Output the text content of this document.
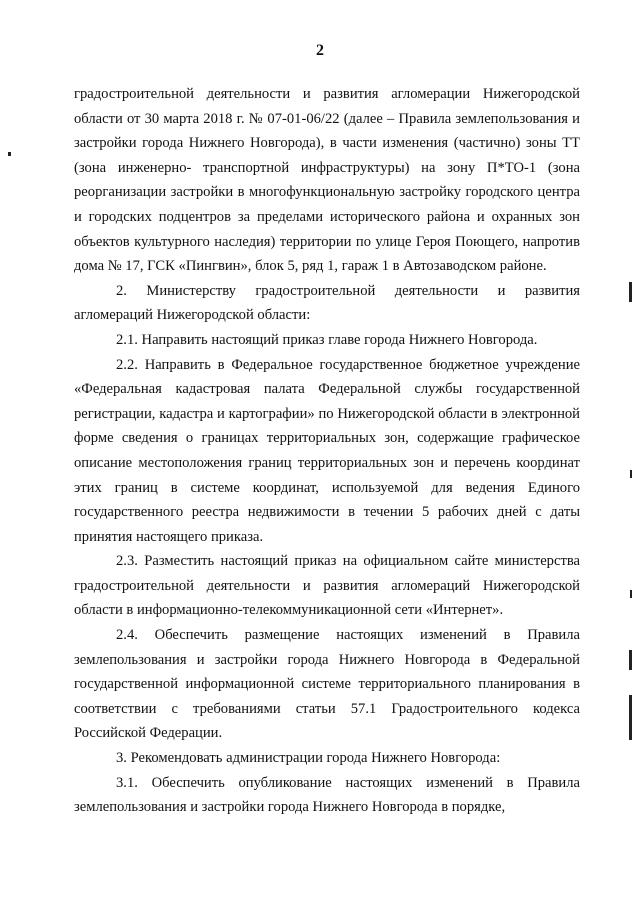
2

градостроительной деятельности и развития агломерации Нижегородской области от 30 марта 2018 г. № 07-01-06/22 (далее – Правила землепользования и застройки города Нижнего Новгорода), в части изменения (частично) зоны ТТ (зона инженерно- транспортной инфраструктуры) на зону П*ТО-1 (зона реорганизации застройки в многофункциональную застройку городского центра и городских подцентров за пределами исторического района и охранных зон объектов культурного наследия) территории по улице Героя Поющего, напротив дома № 17, ГСК «Пингвин», блок 5, ряд 1, гараж 1 в Автозаводском районе.

2. Министерству градостроительной деятельности и развития агломераций Нижегородской области:

2.1. Направить настоящий приказ главе города Нижнего Новгорода.

2.2. Направить в Федеральное государственное бюджетное учреждение «Федеральная кадастровая палата Федеральной службы государственной регистрации, кадастра и картографии» по Нижегородской области в электронной форме сведения о границах территориальных зон, содержащие графическое описание местоположения границ территориальных зон и перечень координат этих границ в системе координат, используемой для ведения Единого государственного реестра недвижимости в течении 5 рабочих дней с даты принятия настоящего приказа.

2.3. Разместить настоящий приказ на официальном сайте министерства градостроительной деятельности и развития агломераций Нижегородской области в информационно-телекоммуникационной сети «Интернет».

2.4. Обеспечить размещение настоящих изменений в Правила землепользования и застройки города Нижнего Новгорода в Федеральной государственной информационной системе территориального планирования в соответствии с требованиями статьи 57.1 Градостроительного кодекса Российской Федерации.

3. Рекомендовать администрации города Нижнего Новгорода:

3.1. Обеспечить опубликование настоящих изменений в Правила землепользования и застройки города Нижнего Новгорода в порядке,
